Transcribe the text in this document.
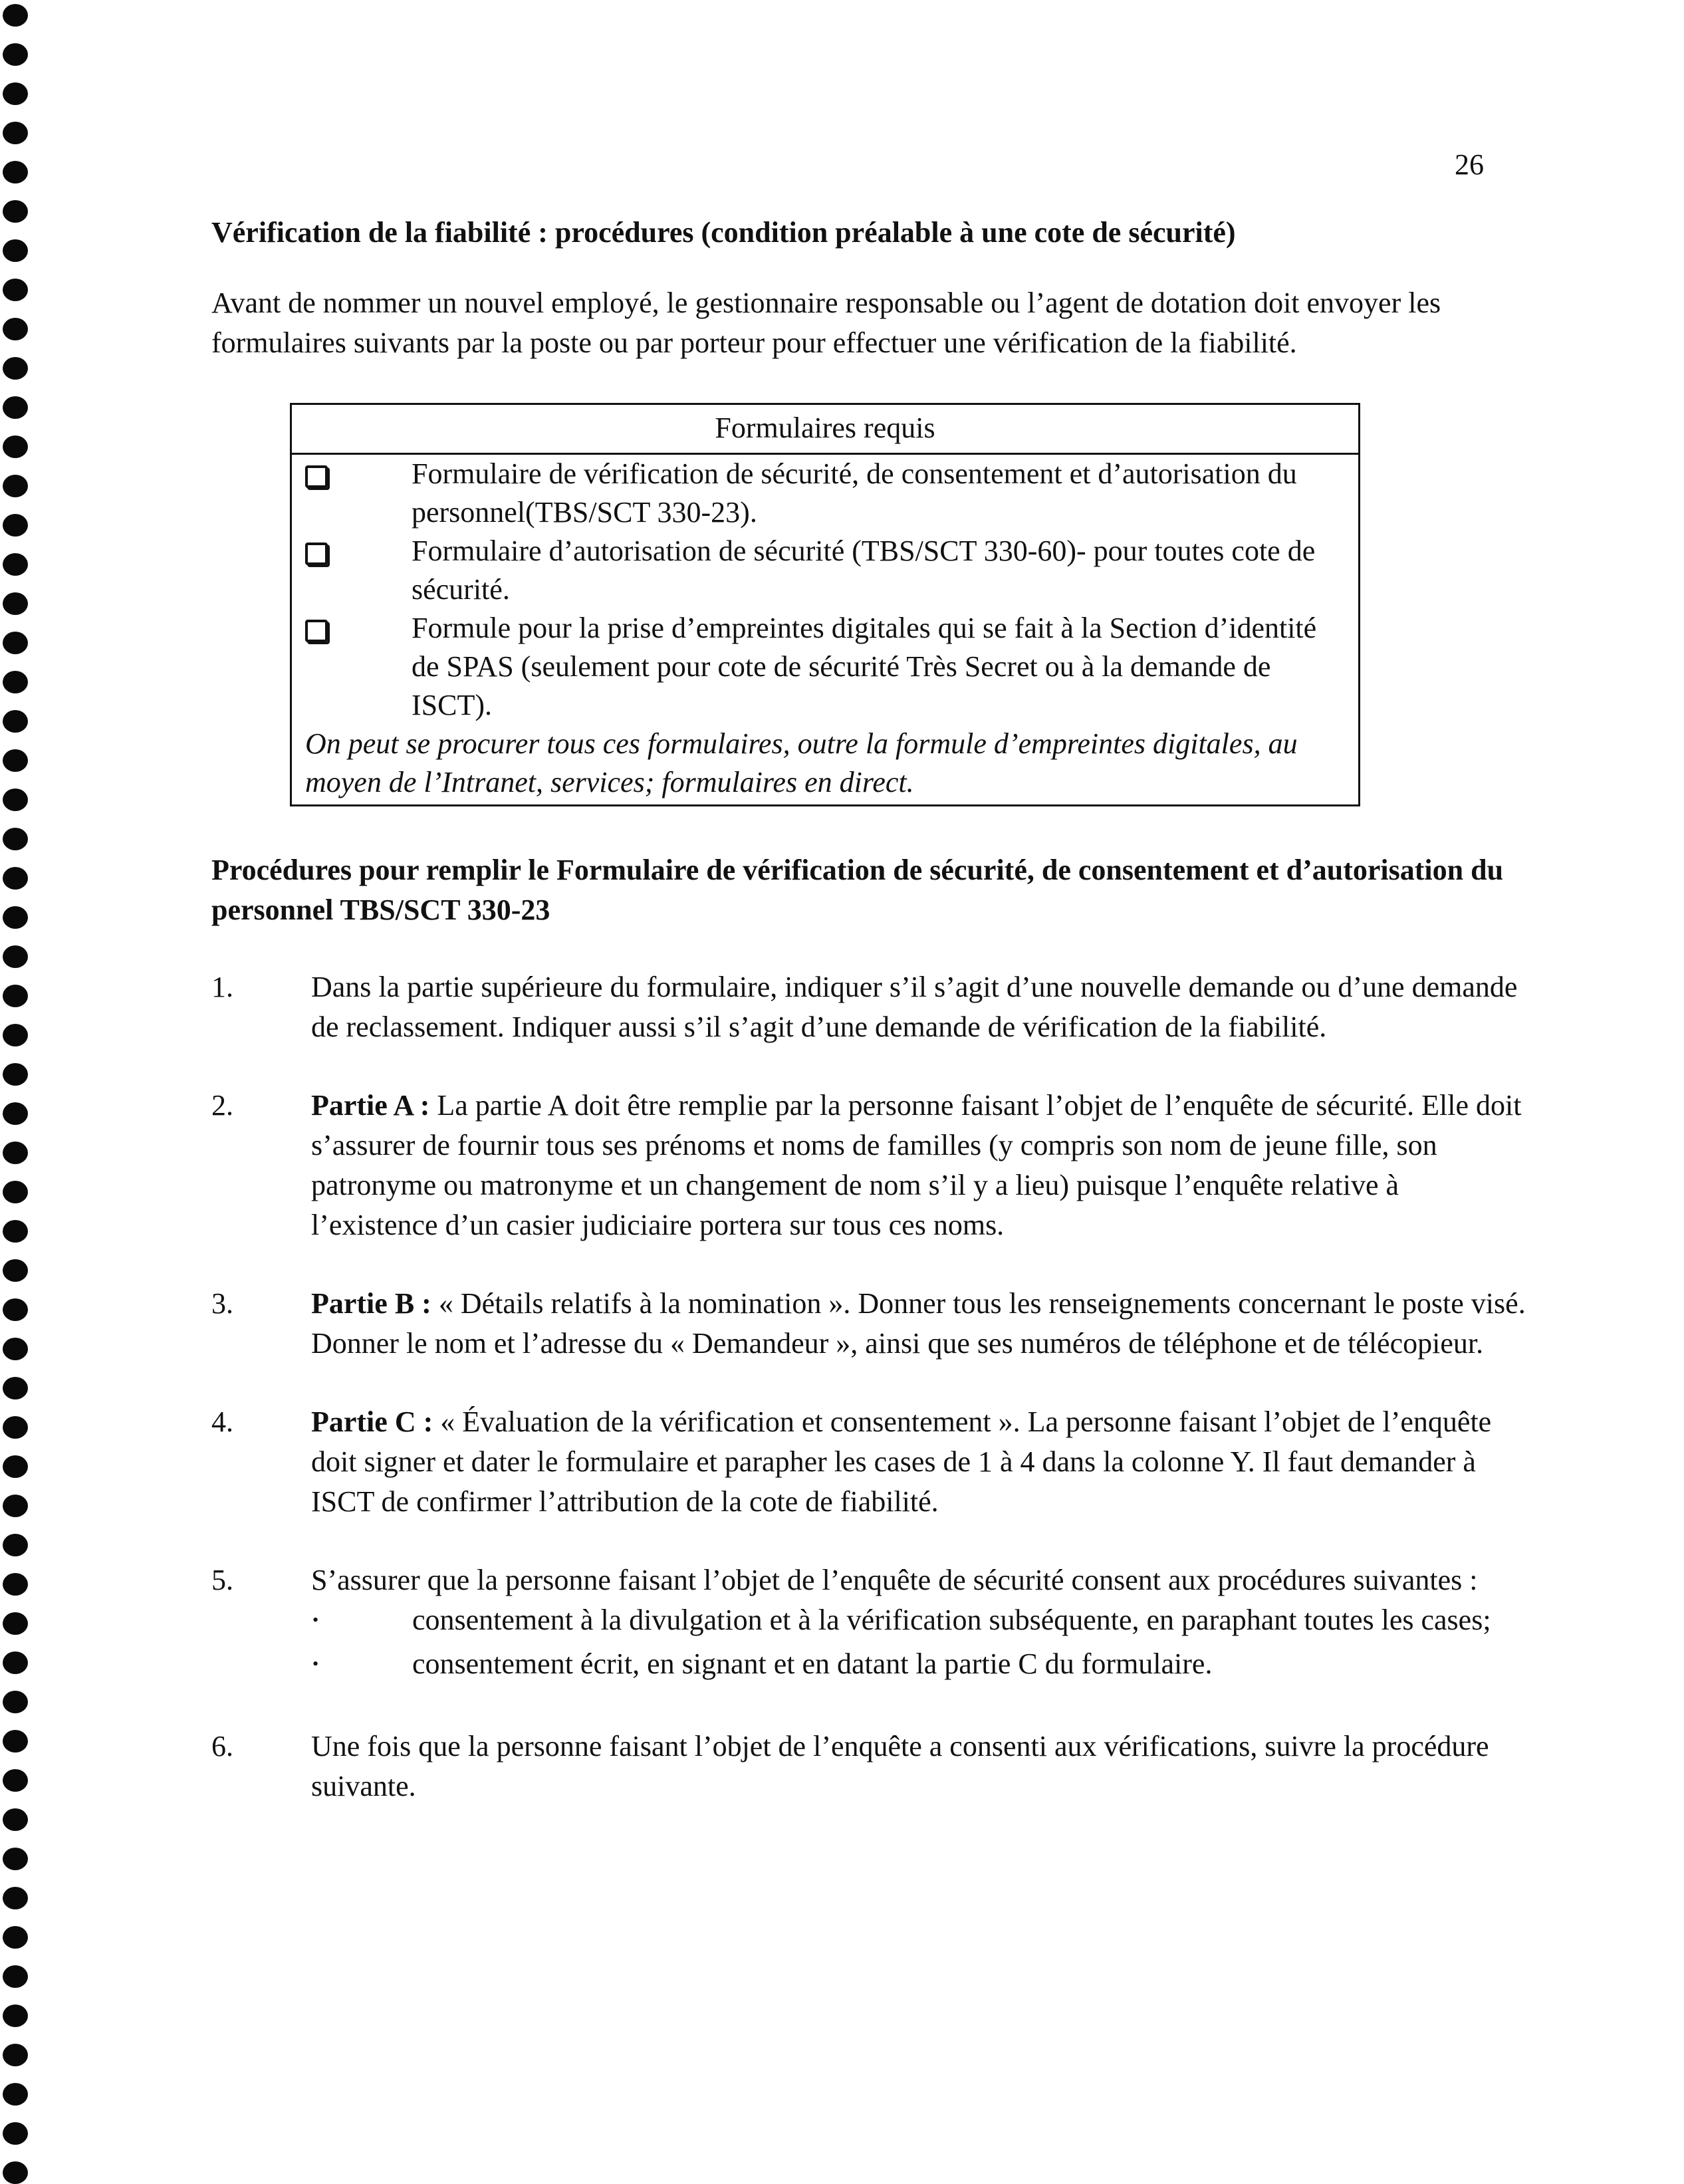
26

Vérification de la fiabilité : procédures (condition préalable à une cote de sécurité)

Avant de nommer un nouvel employé, le gestionnaire responsable ou l’agent de dotation doit envoyer les formulaires suivants par la poste ou par porteur pour effectuer une vérification de la fiabilité.

Formulaires requis
Formulaire de vérification de sécurité, de consentement et d’autorisation du personnel(TBS/SCT 330-23).
Formulaire d’autorisation de sécurité (TBS/SCT 330-60)- pour toutes cote de sécurité.
Formule pour la prise d’empreintes digitales qui se fait à la Section d’identité de SPAS (seulement pour cote de sécurité Très Secret ou à la demande de ISCT).
On peut se procurer tous ces formulaires, outre la formule d’empreintes digitales, au moyen de l’Intranet, services; formulaires en direct.

Procédures pour remplir le Formulaire de vérification de sécurité, de consentement et d’autorisation du personnel TBS/SCT 330-23

1.	Dans la partie supérieure du formulaire, indiquer s’il s’agit d’une nouvelle demande ou d’une demande de reclassement. Indiquer aussi s’il s’agit d’une demande de vérification de la fiabilité.
2.	Partie A : La partie A doit être remplie par la personne faisant l’objet de l’enquête de sécurité. Elle doit s’assurer de fournir tous ses prénoms et noms de familles (y compris son nom de jeune fille, son patronyme ou matronyme et un changement de nom s’il y a lieu) puisque l’enquête relative à l’existence d’un casier judiciaire portera sur tous ces noms.
3.	Partie B : « Détails relatifs à la nomination ». Donner tous les renseignements concernant le poste visé. Donner le nom et l’adresse du « Demandeur », ainsi que ses numéros de téléphone et de télécopieur.
4.	Partie C : « Évaluation de la vérification et consentement ». La personne faisant l’objet de l’enquête doit signer et dater le formulaire et parapher les cases de 1 à 4 dans la colonne Y. Il faut demander à ISCT de confirmer l’attribution de la cote de fiabilité.
5.	S’assurer que la personne faisant l’objet de l’enquête de sécurité consent aux procédures suivantes :
•
consentement à la divulgation et à la vérification subséquente, en paraphant toutes les cases;
•
consentement écrit, en signant et en datant la partie C du formulaire.
6.	Une fois que la personne faisant l’objet de l’enquête a consenti aux vérifications, suivre la procédure suivante.
